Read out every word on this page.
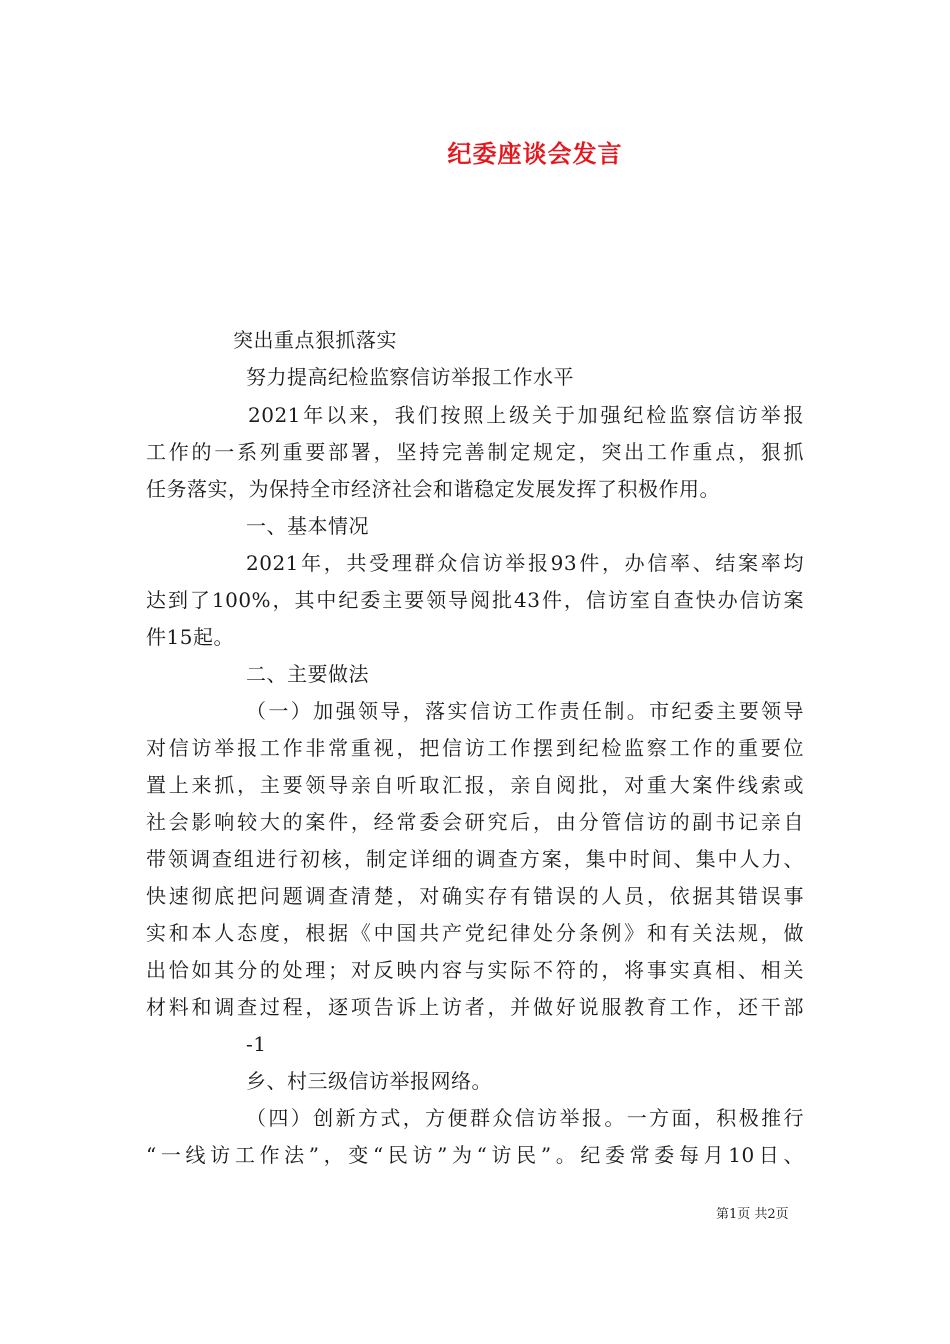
纪委座谈会发言
突出重点狠抓落实
努力提高纪检监察信访举报工作水平
2021年以来，我们按照上级关于加强纪检监察信访举报
工作的一系列重要部署，坚持完善制定规定，突出工作重点，狠抓
任务落实，为保持全市经济社会和谐稳定发展发挥了积极作用。
一、基本情况
2021年，共受理群众信访举报93件，办信率、结案率均
达到了100%，其中纪委主要领导阅批43件，信访室自查快办信访案
件15起。
二、主要做法
（一）加强领导，落实信访工作责任制。市纪委主要领导
对信访举报工作非常重视，把信访工作摆到纪检监察工作的重要位
置上来抓，主要领导亲自听取汇报，亲自阅批，对重大案件线索或
社会影响较大的案件，经常委会研究后，由分管信访的副书记亲自
带领调查组进行初核，制定详细的调查方案，集中时间、集中人力、
快速彻底把问题调查清楚，对确实存有错误的人员，依据其错误事
实和本人态度，根据《中国共产党纪律处分条例》和有关法规，做
出恰如其分的处理；对反映内容与实际不符的，将事实真相、相关
材料和调查过程，逐项告诉上访者，并做好说服教育工作，还干部
-1
乡、村三级信访举报网络。
（四）创新方式，方便群众信访举报。一方面，积极推行
“一线访工作法”，变“民访”为“访民”。纪委常委每月10日、
第1页 共2页
